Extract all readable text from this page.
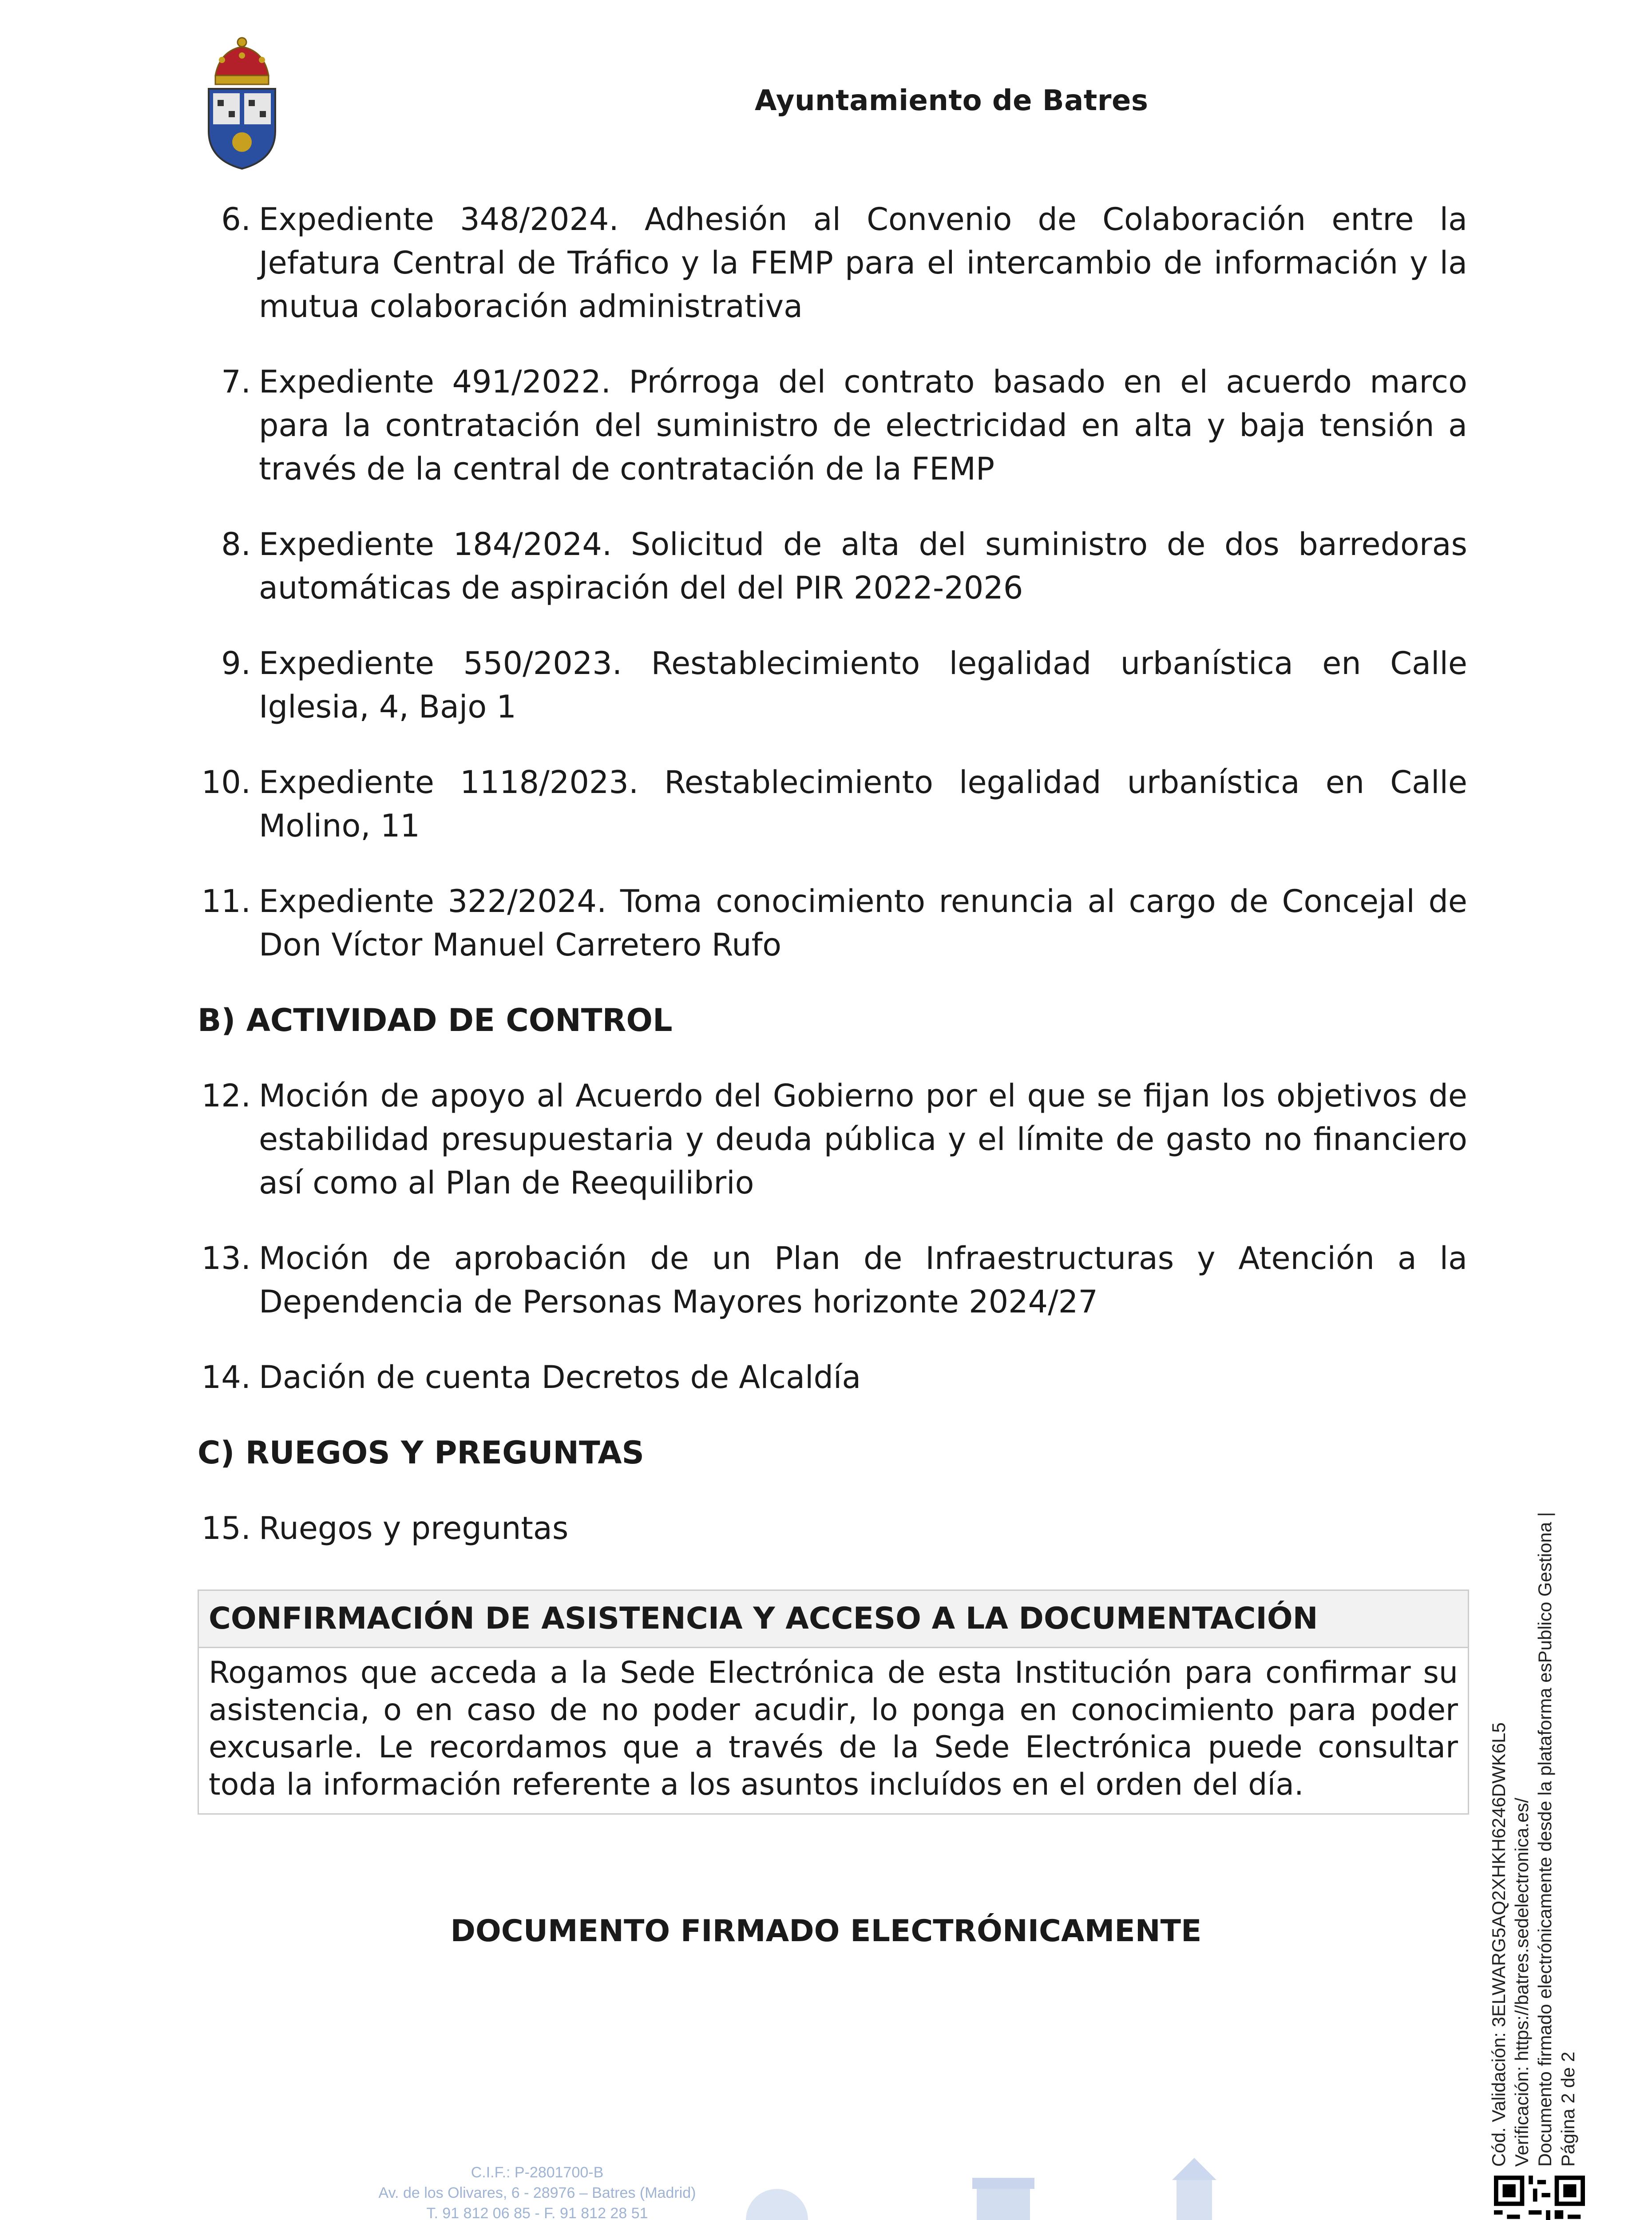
Ayuntamiento de Batres
6. Expediente 348/2024. Adhesión al Convenio de Colaboración entre la Jefatura Central de Tráfico y la FEMP para el intercambio de información y la mutua colaboración administrativa
7. Expediente 491/2022. Prórroga del contrato basado en el acuerdo marco para la contratación del suministro de electricidad en alta y baja tensión a través de la central de contratación de la FEMP
8. Expediente 184/2024. Solicitud de alta del suministro de dos barredoras automáticas de aspiración del del PIR 2022-2026
9. Expediente 550/2023. Restablecimiento legalidad urbanística en Calle Iglesia, 4, Bajo 1
10. Expediente 1118/2023. Restablecimiento legalidad urbanística en Calle Molino, 11
11. Expediente 322/2024. Toma conocimiento renuncia al cargo de Concejal de Don Víctor Manuel Carretero Rufo
B) ACTIVIDAD DE CONTROL
12. Moción de apoyo al Acuerdo del Gobierno por el que se fijan los objetivos de estabilidad presupuestaria y deuda pública y el límite de gasto no financiero así como al Plan de Reequilibrio
13. Moción de aprobación de un Plan de Infraestructuras y Atención a la Dependencia de Personas Mayores horizonte 2024/27
14. Dación de cuenta Decretos de Alcaldía
C) RUEGOS Y PREGUNTAS
15. Ruegos y preguntas
CONFIRMACIÓN DE ASISTENCIA Y ACCESO A LA DOCUMENTACIÓN
Rogamos que acceda a la Sede Electrónica de esta Institución para confirmar su asistencia, o en caso de no poder acudir, lo ponga en conocimiento para poder excusarle. Le recordamos que a través de la Sede Electrónica puede consultar toda la información referente a los asuntos incluídos en el orden del día.
DOCUMENTO FIRMADO ELECTRÓNICAMENTE	Cód. Validación: 3ELWARG5AQ2XHKH6246DWK6L5 Verificación: https://batres.sedelectronica.es/ Documento firmado electrónicamente desde la plataforma esPublico Gestiona | Página 2 de 2
C.I.F.: P-2801700-B
Av. de los Olivares, 6 - 28976 – Batres (Madrid)
T. 91 812 06 85 - F. 91 812 28 51
